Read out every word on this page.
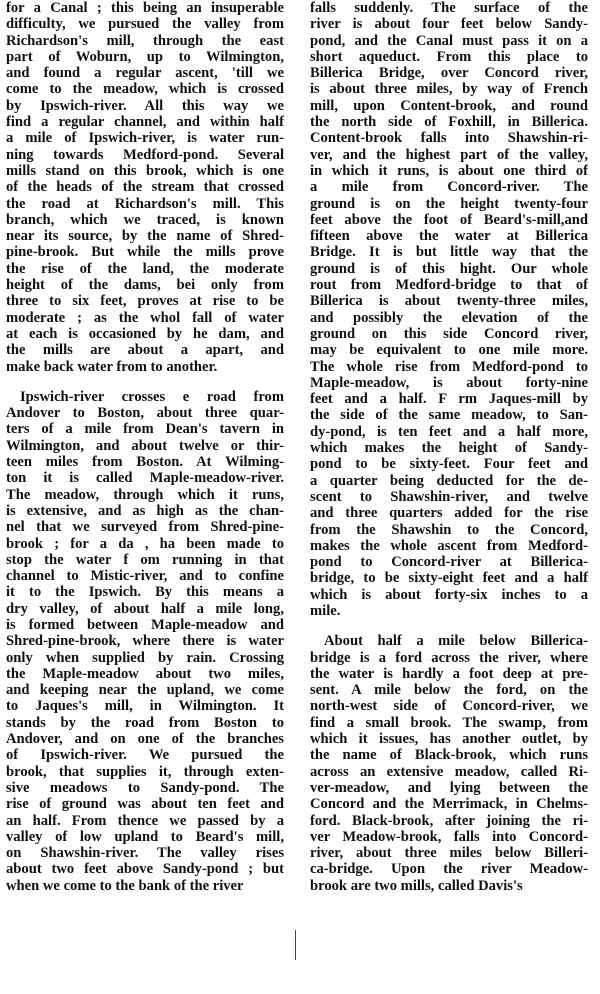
for a Canal ; this being an insuperable
difficulty, we pursued the valley from
Richardson's mill, through the east
part of Woburn, up to Wilmington,
and found a regular ascent, 'till we
come to the meadow, which is crossed
by Ipswich-river. All this way we
find a regular channel, and within half
a mile of Ipswich-river, is water run-
ning towards Medford-pond. Several
mills stand on this brook, which is one
of the heads of the stream that crossed
the road at Richardson's mill. This
branch, which we traced, is known
near its source, by the name of Shred-
pine-brook. But while the mills prove
the rise of the land, the moderate
height of the dams, bei only from
three to six feet, proves at rise to be
moderate ; as the whol fall of water
at each is occasioned by he dam, and
the mills are about a apart, and
make back water from to another.
Ipswich-river crosses e road from
Andover to Boston, about three quar-
ters of a mile from Dean's tavern in
Wilmington, and about twelve or thir-
teen miles from Boston. At Wilming-
ton it is called Maple-meadow-river.
The meadow, through which it runs,
is extensive, and as high as the chan-
nel that we surveyed from Shred-pine-
brook ; for a da , ha been made to
stop the water f om running in that
channel to Mistic-river, and to confine
it to the Ipswich. By this means a
dry valley, of about half a mile long,
is formed between Maple-meadow and
Shred-pine-brook, where there is water
only when supplied by rain. Crossing
the Maple-meadow about two miles,
and keeping near the upland, we come
to Jaques's mill, in Wilmington. It
stands by the road from Boston to
Andover, and on one of the branches
of Ipswich-river. We pursued the
brook, that supplies it, through exten-
sive meadows to Sandy-pond. The
rise of ground was about ten feet and
an half. From thence we passed by a
valley of low upland to Beard's mill,
on Shawshin-river. The valley rises
about two feet above Sandy-pond ; but
when we come to the bank of the river
falls suddenly. The surface of the
river is about four feet below Sandy-
pond, and the Canal must pass it on a
short aqueduct. From this place to
Billerica Bridge, over Concord river,
is about three miles, by way of French
mill, upon Content-brook, and round
the north side of Foxhill, in Billerica.
Content-brook falls into Shawshin-ri-
ver, and the highest part of the valley,
in which it runs, is about one third of
a mile from Concord-river. The
ground is on the height twenty-four
feet above the foot of Beard's-mill,and
fifteen above the water at Billerica
Bridge. It is but little way that the
ground is of this hight. Our whole
rout from Medford-bridge to that of
Billerica is about twenty-three miles,
and possibly the elevation of the
ground on this side Concord river,
may be equivalent to one mile more.
The whole rise from Medford-pond to
Maple-meadow, is about forty-nine
feet and a half. F rm Jaques-mill by
the side of the same meadow, to San-
dy-pond, is ten feet and a half more,
which makes the height of Sandy-
pond to be sixty-feet. Four feet and
a quarter being deducted for the de-
scent to Shawshin-river, and twelve
and three quarters added for the rise
from the Shawshin to the Concord,
makes the whole ascent from Medford-
pond to Concord-river at Billerica-
bridge, to be sixty-eight feet and a half
which is about forty-six inches to a
mile.
About half a mile below Billerica-
bridge is a ford across the river, where
the water is hardly a foot deep at pre-
sent. A mile below the ford, on the
north-west side of Concord-river, we
find a small brook. The swamp, from
which it issues, has another outlet, by
the name of Black-brook, which runs
across an extensive meadow, called Ri-
ver-meadow, and lying between the
Concord and the Merrimack, in Chelms-
ford. Black-brook, after joining the ri-
ver Meadow-brook, falls into Concord-
river, about three miles below Billeri-
ca-bridge. Upon the river Meadow-
brook are two mills, called Davis's
